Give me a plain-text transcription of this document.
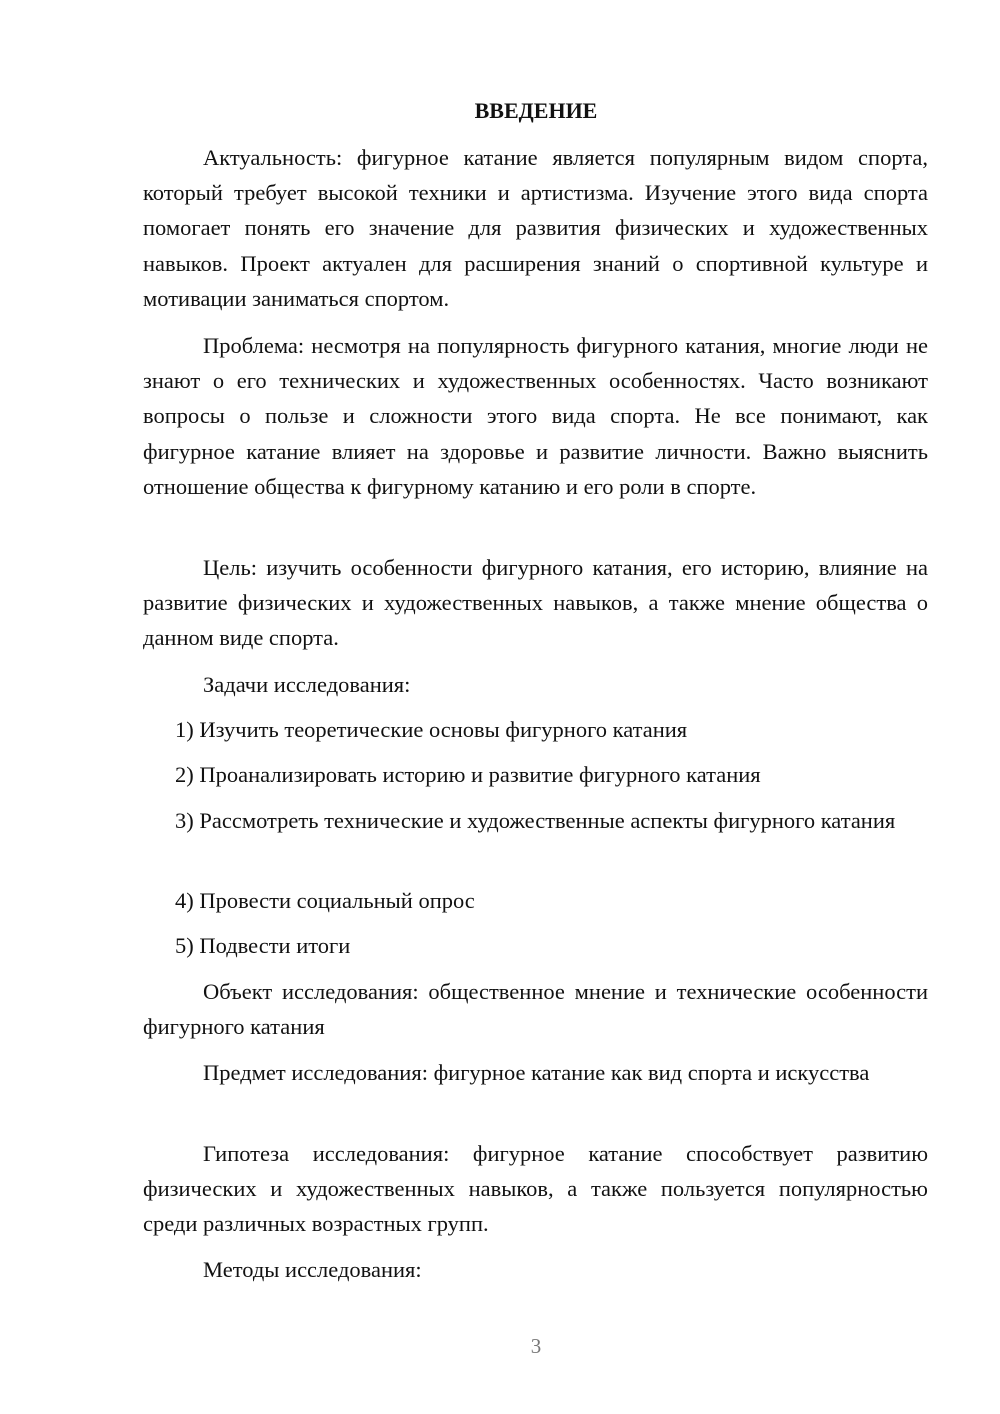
ВВЕДЕНИЕ

Актуальность: фигурное катание является популярным видом спорта, который требует высокой техники и артистизма. Изучение этого вида спорта помогает понять его значение для развития физических и художественных навыков. Проект актуален для расширения знаний о спортивной культуре и мотивации заниматься спортом.

Проблема: несмотря на популярность фигурного катания, многие люди не знают о его технических и художественных особенностях. Часто возникают вопросы о пользе и сложности этого вида спорта. Не все понимают, как фигурное катание влияет на здоровье и развитие личности. Важно выяснить отношение общества к фигурному катанию и его роли в спорте.

Цель: изучить особенности фигурного катания, его историю, влияние на развитие физических и художественных навыков, а также мнение общества о данном виде спорта.

Задачи исследования:

1) Изучить теоретические основы фигурного катания

2) Проанализировать историю и развитие фигурного катания

3) Рассмотреть технические и художественные аспекты фигурного катания

4) Провести социальный опрос

5) Подвести итоги

Объект исследования: общественное мнение и технические особенности фигурного катания

Предмет исследования: фигурное катание как вид спорта и искусства

Гипотеза исследования: фигурное катание способствует развитию физических и художественных навыков, а также пользуется популярностью среди различных возрастных групп.

Методы исследования:

3
